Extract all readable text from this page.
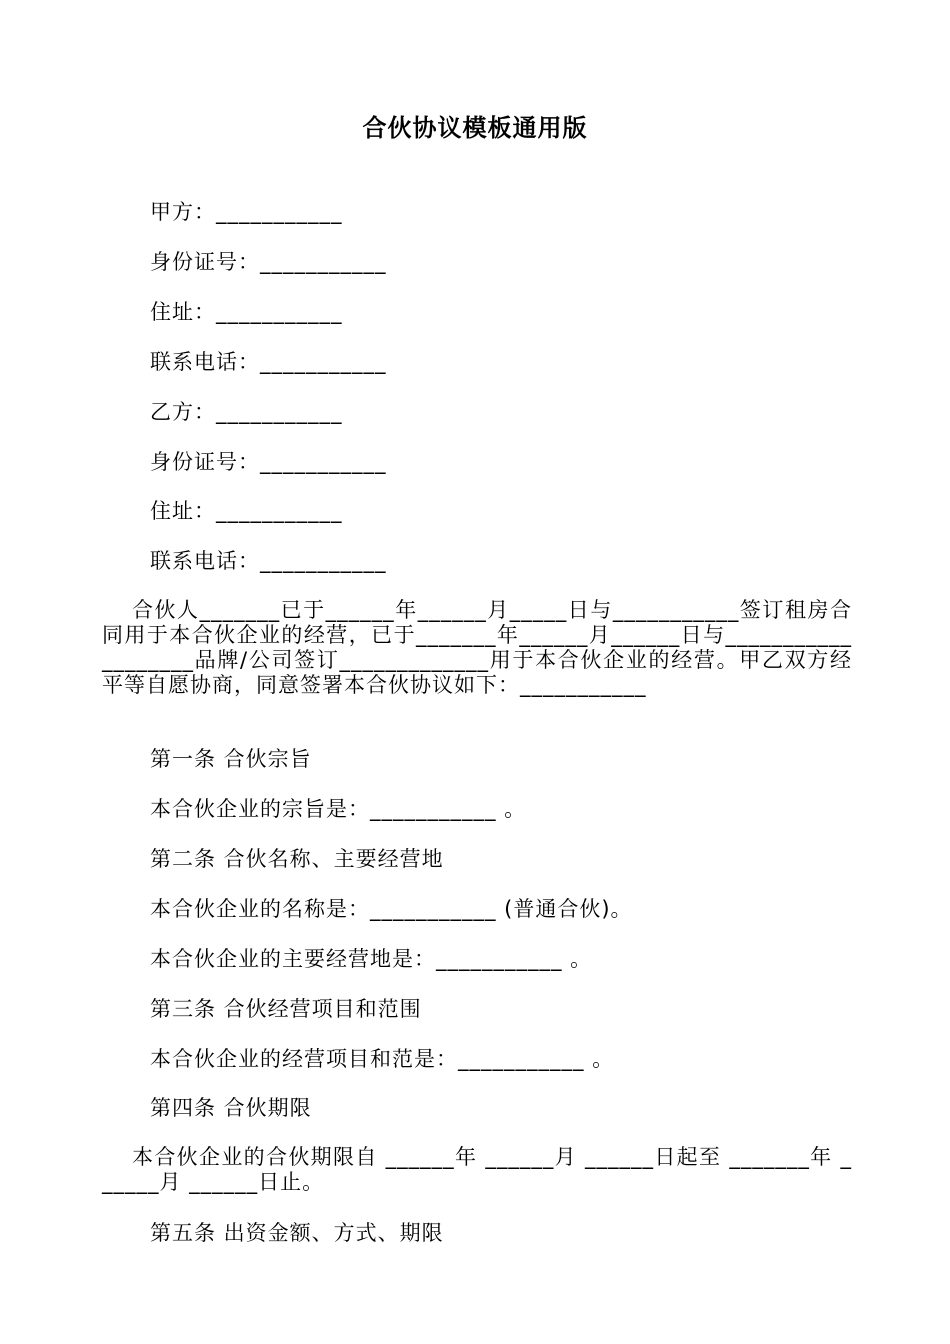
合伙协议模板通用版
甲方：___________
身份证号：___________
住址：___________
联系电话：___________
乙方：___________
身份证号：___________
住址：___________
联系电话：___________
合伙人_______已于______年______月_____日与___________签订租房合同用于本合伙企业的经营，已于_______年______月______日与___________________品牌/公司签订_____________用于本合伙企业的经营。甲乙双方经平等自愿协商，同意签署本合伙协议如下：___________
第一条 合伙宗旨
本合伙企业的宗旨是：___________ 。
第二条 合伙名称、主要经营地
本合伙企业的名称是：___________ (普通合伙)。
本合伙企业的主要经营地是：___________ 。
第三条 合伙经营项目和范围
本合伙企业的经营项目和范是：___________ 。
第四条 合伙期限
本合伙企业的合伙期限自 ______年 ______月 ______日起至 _______年 ______月 ______日止。
第五条 出资金额、方式、期限
